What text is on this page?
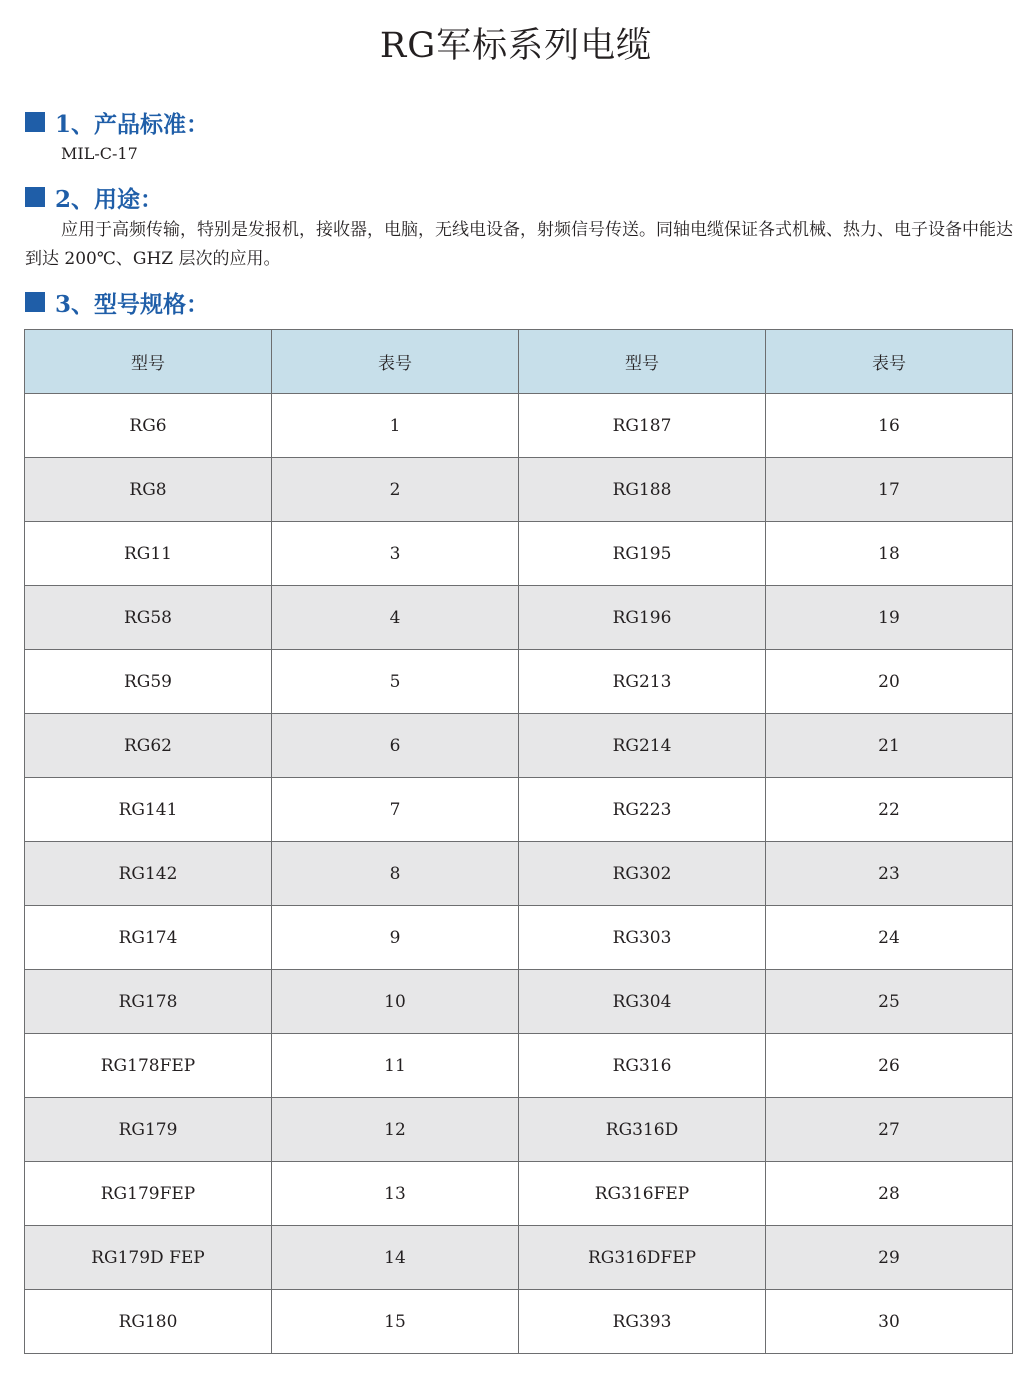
RG军标系列电缆
1、产品标准：
MIL-C-17
2、用途：
应用于高频传输，特别是发报机，接收器，电脑，无线电设备，射频信号传送。同轴电缆保证各式机械、热力、电子设备中能达到达 200℃、GHZ 层次的应用。
3、型号规格：
型号	表号	型号	表号
RG6	1	RG187	16
RG8	2	RG188	17
RG11	3	RG195	18
RG58	4	RG196	19
RG59	5	RG213	20
RG62	6	RG214	21
RG141	7	RG223	22
RG142	8	RG302	23
RG174	9	RG303	24
RG178	10	RG304	25
RG178FEP	11	RG316	26
RG179	12	RG316D	27
RG179FEP	13	RG316FEP	28
RG179D FEP	14	RG316DFEP	29
RG180	15	RG393	30
